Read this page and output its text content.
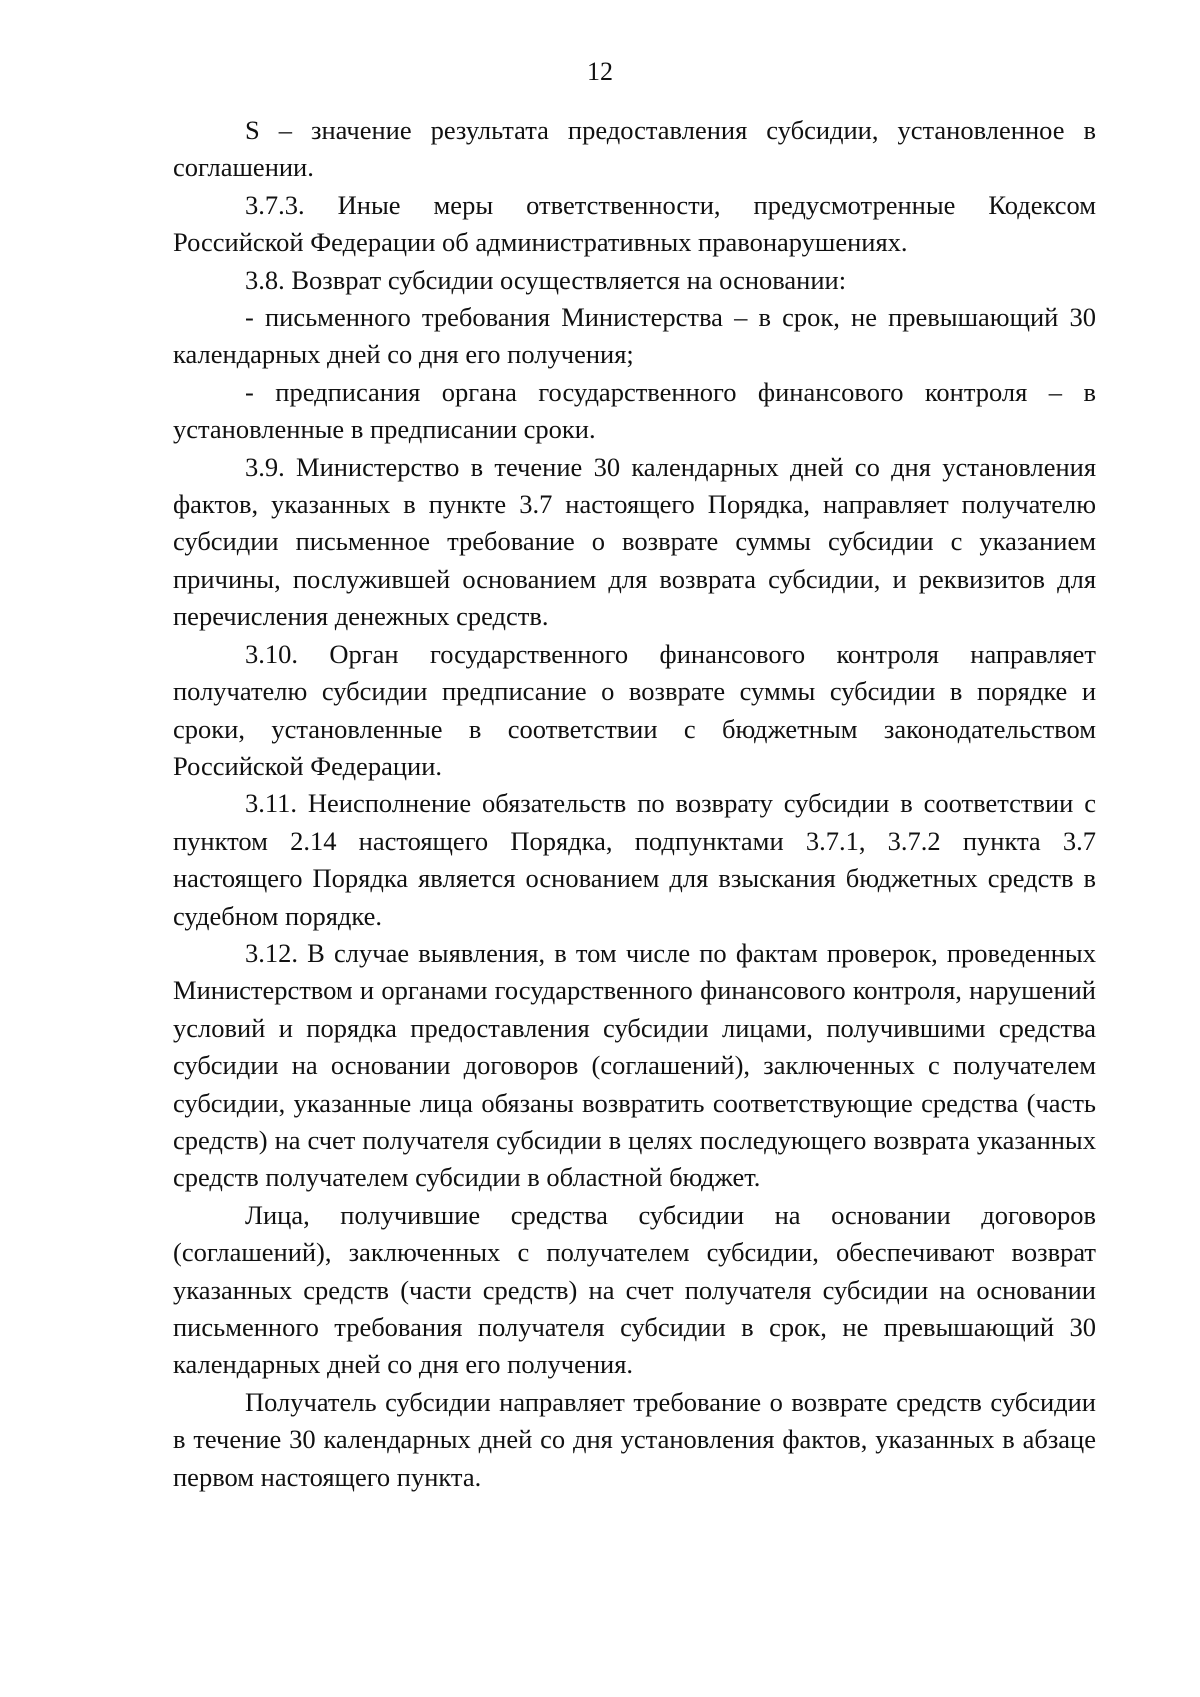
12

S – значение результата предоставления субсидии, установленное в соглашении.

3.7.3. Иные меры ответственности, предусмотренные Кодексом Российской Федерации об административных правонарушениях.

3.8. Возврат субсидии осуществляется на основании:

- письменного требования Министерства – в срок, не превышающий 30 календарных дней со дня его получения;

- предписания органа государственного финансового контроля – в установленные в предписании сроки.

3.9. Министерство в течение 30 календарных дней со дня установления фактов, указанных в пункте 3.7 настоящего Порядка, направляет получателю субсидии письменное требование о возврате суммы субсидии с указанием причины, послужившей основанием для возврата субсидии, и реквизитов для перечисления денежных средств.

3.10. Орган государственного финансового контроля направляет получателю субсидии предписание о возврате суммы субсидии в порядке и сроки, установленные в соответствии с бюджетным законодательством Российской Федерации.

3.11. Неисполнение обязательств по возврату субсидии в соответствии с пунктом 2.14 настоящего Порядка, подпунктами 3.7.1, 3.7.2 пункта 3.7 настоящего Порядка является основанием для взыскания бюджетных средств в судебном порядке.

3.12. В случае выявления, в том числе по фактам проверок, проведенных Министерством и органами государственного финансового контроля, нарушений условий и порядка предоставления субсидии лицами, получившими средства субсидии на основании договоров (соглашений), заключенных с получателем субсидии, указанные лица обязаны возвратить соответствующие средства (часть средств) на счет получателя субсидии в целях последующего возврата указанных средств получателем субсидии в областной бюджет.

Лица, получившие средства субсидии на основании договоров (соглашений), заключенных с получателем субсидии, обеспечивают возврат указанных средств (части средств) на счет получателя субсидии на основании письменного требования получателя субсидии в срок, не превышающий 30 календарных дней со дня его получения.

Получатель субсидии направляет требование о возврате средств субсидии в течение 30 календарных дней со дня установления фактов, указанных в абзаце первом настоящего пункта.
